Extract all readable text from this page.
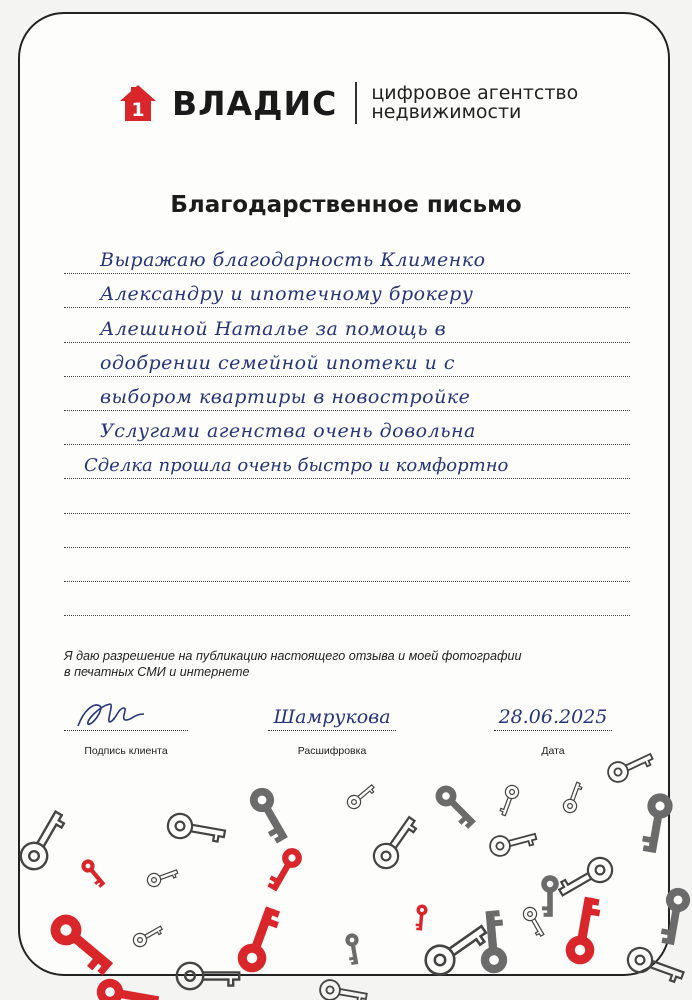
1 ВЛАДИС цифровое агентство
недвижимости
Благодарственное письмо
Выражаю благодарность Клименко
Александру и ипотечному брокеру
Алешиной Наталье за помощь в
одобрении семейной ипотеки и с
выбором квартиры в новостройке
Услугами агенства очень довольна
Сделка прошла очень быстро и комфортно
Я даю разрешение на публикацию настоящего отзыва и моей фотографии
в печатных СМИ и интернете
Подпись клиента
Шамрукова
Расшифровка
28.06.2025
Дата
